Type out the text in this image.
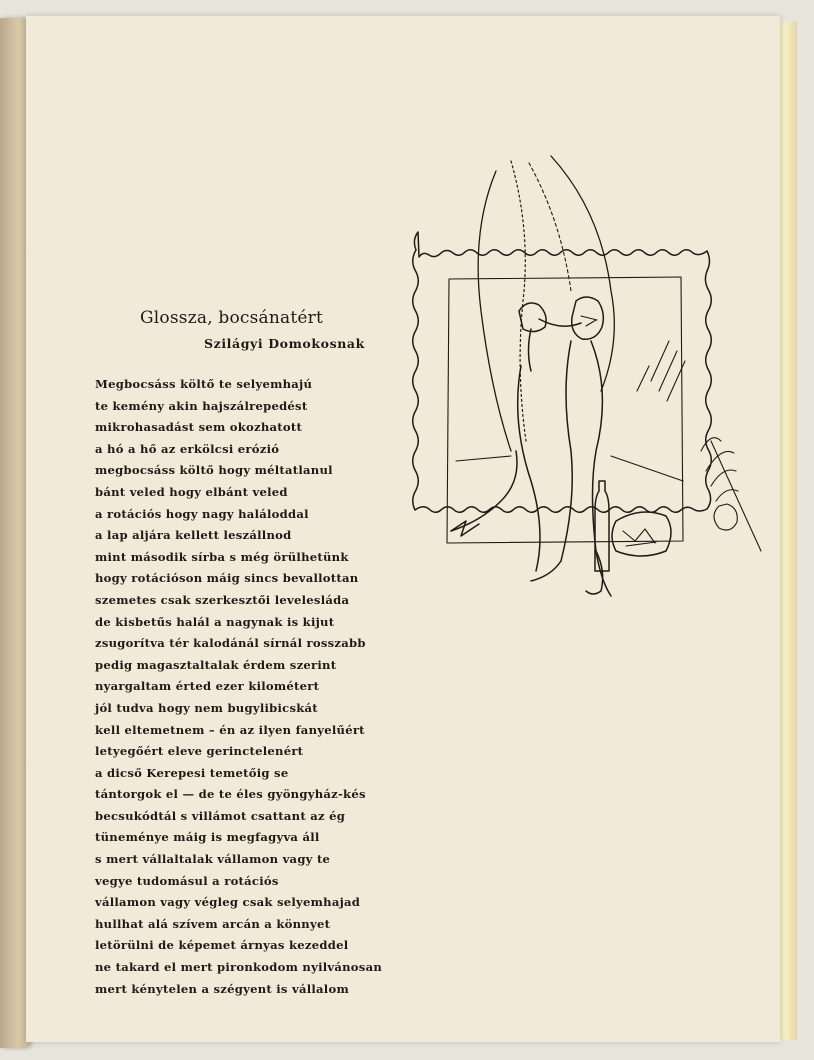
Glossza, bocsánatért
Szilágyi Domokosnak
Megbocsáss költő te selyemhajú
te kemény akin hajszálrepedést
mikrohasadást sem okozhatott
a hó a hő az erkölcsi erózió
megbocsáss költő hogy méltatlanul
bánt veled hogy elbánt veled
a rotációs hogy nagy haláloddal
a lap aljára kellett leszállnod
mint második sírba s még örülhetünk
hogy rotációson máig sincs bevallottan
szemetes csak szerkesztői levelesláda
de kisbetűs halál a nagynak is kijut
zsugorítva tér kalodánál sírnál rosszabb
pedig magasztaltalak érdem szerint
nyargaltam érted ezer kilométert
jól tudva hogy nem bugylibicskát
kell eltemetnem – én az ilyen fanyelűért
letyegőért eleve gerinctelenért
a dicső Kerepesi temetőig se
tántorgok el — de te éles gyöngyház-kés
becsukódtál s villámot csattant az ég
tüneménye máig is megfagyva áll
s mert vállaltalak vállamon vagy te
vegye tudomásul a rotációs
vállamon vagy végleg csak selyemhajad
hullhat alá szívem arcán a könnyet
letörülni de képemet árnyas kezeddel
ne takard el mert pironkodom nyilvánosan
mert kénytelen a szégyent is vállalom
